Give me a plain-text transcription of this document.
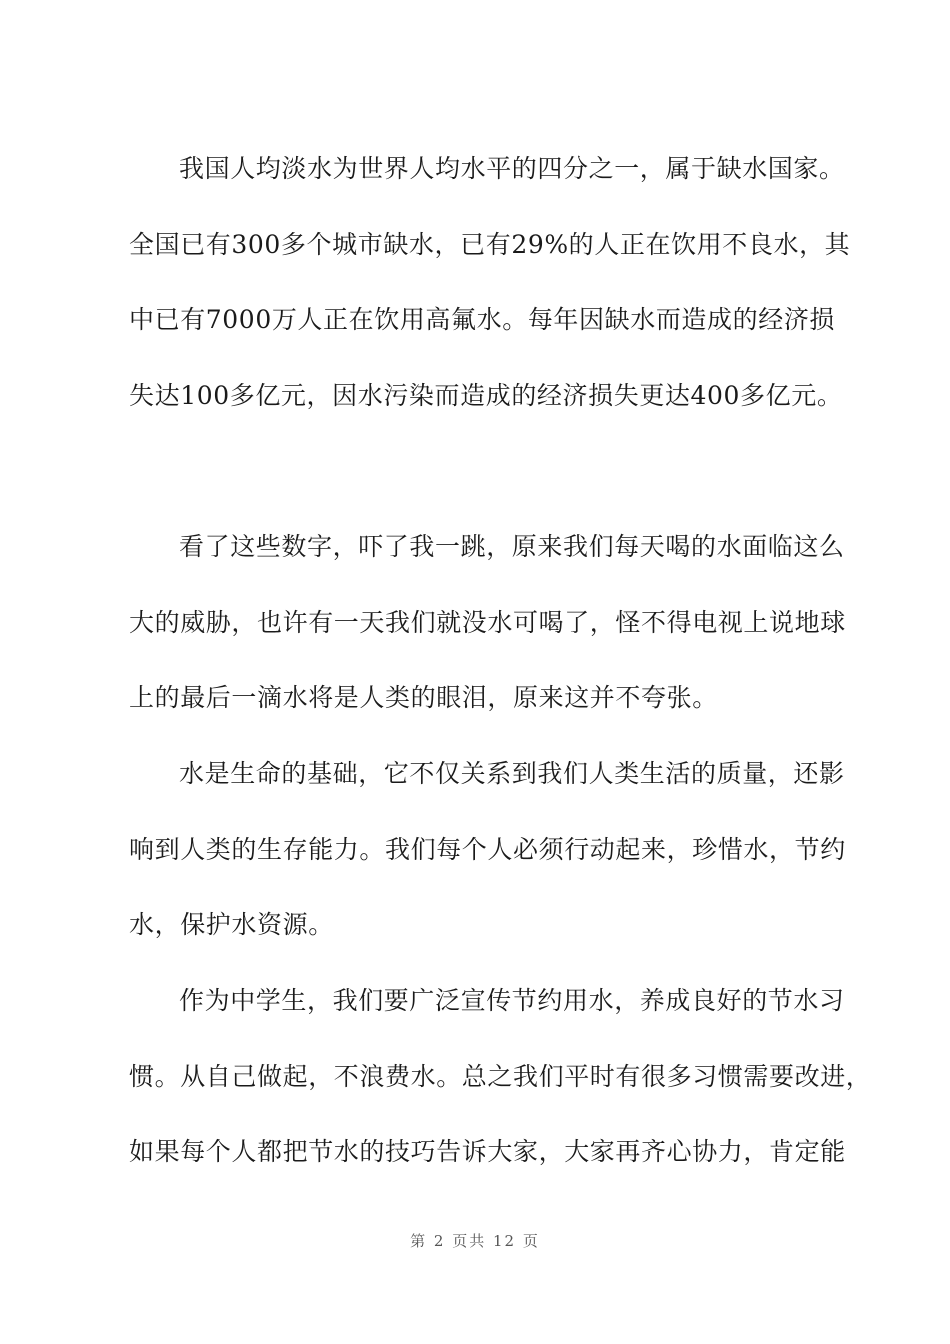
我国人均淡水为世界人均水平的四分之一，属于缺水国家。
全国已有300多个城市缺水，已有29%的人正在饮用不良水，其
中已有7000万人正在饮用高氟水。每年因缺水而造成的经济损
失达100多亿元，因水污染而造成的经济损失更达400多亿元。
看了这些数字，吓了我一跳，原来我们每天喝的水面临这么
大的威胁，也许有一天我们就没水可喝了，怪不得电视上说地球
上的最后一滴水将是人类的眼泪，原来这并不夸张。
水是生命的基础，它不仅关系到我们人类生活的质量，还影
响到人类的生存能力。我们每个人必须行动起来，珍惜水，节约
水，保护水资源。
作为中学生，我们要广泛宣传节约用水，养成良好的节水习
惯。从自己做起，不浪费水。总之我们平时有很多习惯需要改进，
如果每个人都把节水的技巧告诉大家，大家再齐心协力，肯定能
第 2 页共 12 页
